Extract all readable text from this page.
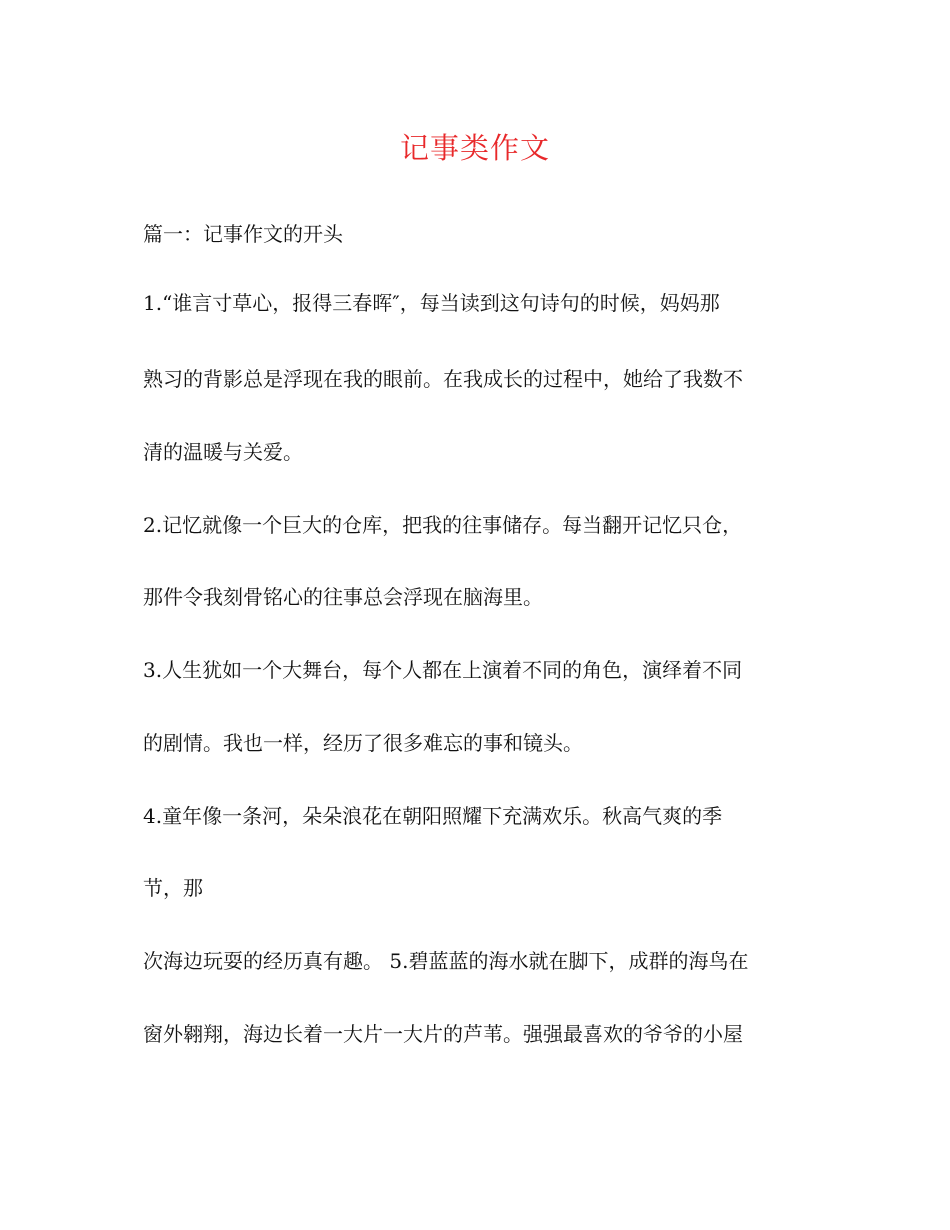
记事类作文
篇一：记事作文的开头
1.“谁言寸草心，报得三春晖″，每当读到这句诗句的时候，妈妈那
熟习的背影总是浮现在我的眼前。在我成长的过程中，她给了我数不
清的温暖与关爱。
2.记忆就像一个巨大的仓库，把我的往事储存。每当翻开记忆只仓，
那件令我刻骨铭心的往事总会浮现在脑海里。
3.人生犹如一个大舞台，每个人都在上演着不同的角色，演绎着不同
的剧情。我也一样，经历了很多难忘的事和镜头。
4.童年像一条河，朵朵浪花在朝阳照耀下充满欢乐。秋高气爽的季
节，那
次海边玩耍的经历真有趣。 5.碧蓝蓝的海水就在脚下，成群的海鸟在
窗外翱翔，海边长着一大片一大片的芦苇。强强最喜欢的爷爷的小屋
